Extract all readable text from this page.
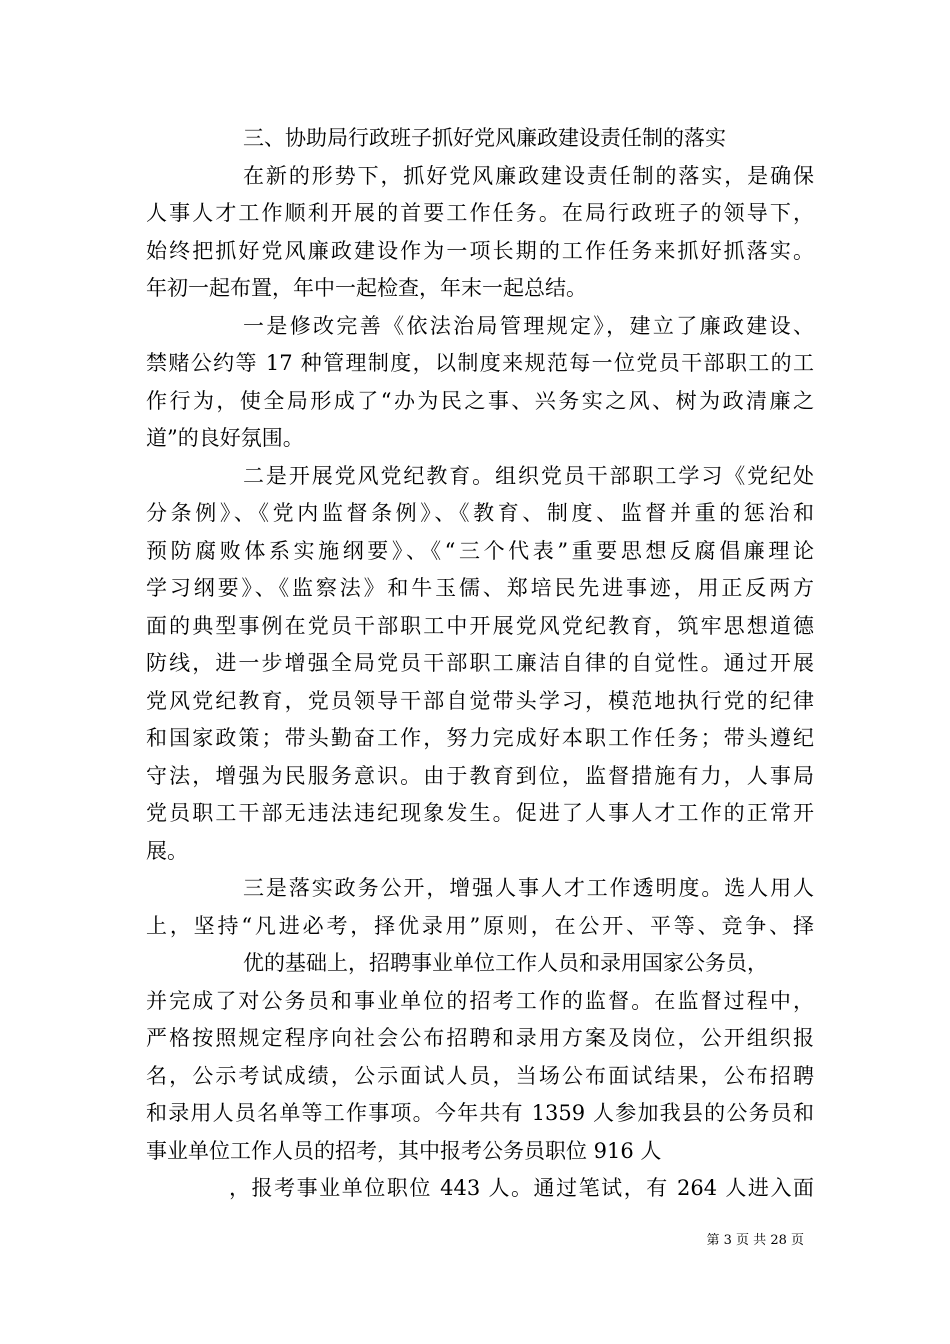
三、协助局行政班子抓好党风廉政建设责任制的落实
在新的形势下，抓好党风廉政建设责任制的落实，是确保
人事人才工作顺利开展的首要工作任务。在局行政班子的领导下，
始终把抓好党风廉政建设作为一项长期的工作任务来抓好抓落实。
年初一起布置，年中一起检查，年末一起总结。
一是修改完善《依法治局管理规定》，建立了廉政建设、
禁赌公约等 17 种管理制度，以制度来规范每一位党员干部职工的工
作行为，使全局形成了“办为民之事、兴务实之风、树为政清廉之
道”的良好氛围。
二是开展党风党纪教育。组织党员干部职工学习《党纪处
分条例》、《党内监督条例》、《教育、制度、监督并重的惩治和
预防腐败体系实施纲要》、《“三个代表”重要思想反腐倡廉理论
学习纲要》、《监察法》和牛玉儒、郑培民先进事迹，用正反两方
面的典型事例在党员干部职工中开展党风党纪教育，筑牢思想道德
防线，进一步增强全局党员干部职工廉洁自律的自觉性。通过开展
党风党纪教育，党员领导干部自觉带头学习，模范地执行党的纪律
和国家政策；带头勤奋工作，努力完成好本职工作任务；带头遵纪
守法，增强为民服务意识。由于教育到位，监督措施有力，人事局
党员职工干部无违法违纪现象发生。促进了人事人才工作的正常开
展。
三是落实政务公开，增强人事人才工作透明度。选人用人
上，坚持“凡进必考，择优录用”原则，在公开、平等、竞争、择
优的基础上，招聘事业单位工作人员和录用国家公务员，
并完成了对公务员和事业单位的招考工作的监督。在监督过程中，
严格按照规定程序向社会公布招聘和录用方案及岗位，公开组织报
名，公示考试成绩，公示面试人员，当场公布面试结果，公布招聘
和录用人员名单等工作事项。今年共有 1359 人参加我县的公务员和
事业单位工作人员的招考，其中报考公务员职位 916 人
，报考事业单位职位 443 人。通过笔试，有 264 人进入面
第 3 页 共 28 页
